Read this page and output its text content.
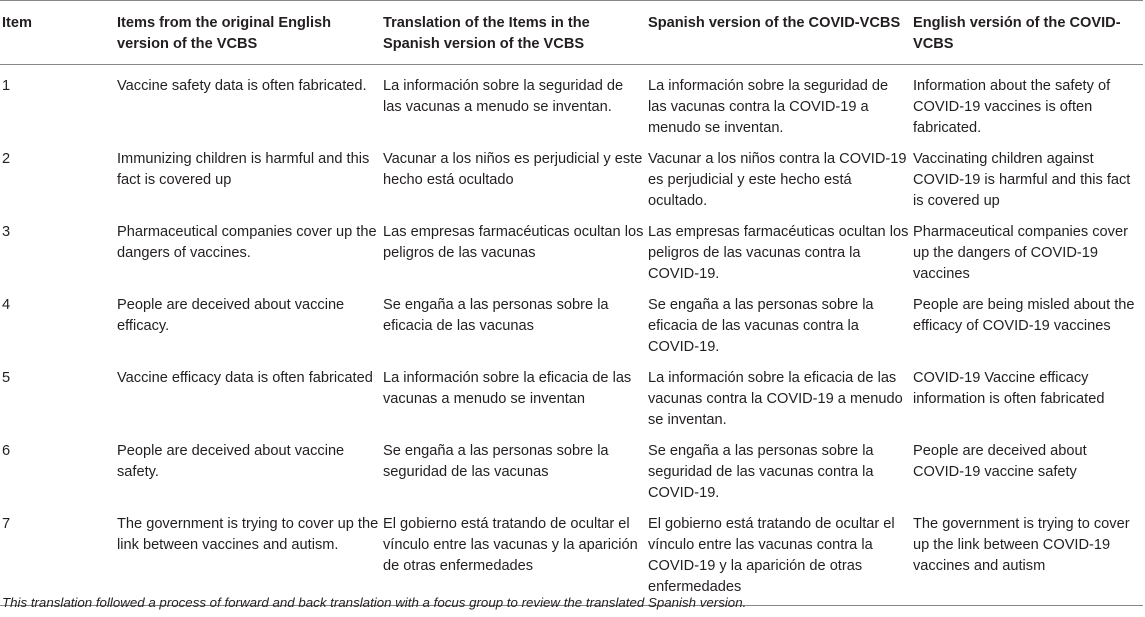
Item	Items from the original English version of the VCBS	Translation of the Items in the Spanish version of the VCBS	Spanish version of the COVID-VCBS	English versión of the COVID-VCBS
1	Vaccine safety data is often fabricated.	La información sobre la seguridad de las vacunas a menudo se inventan.	La información sobre la seguridad de las vacunas contra la COVID-19 a menudo se inventan.	Information about the safety of COVID-19 vaccines is often fabricated.
2	Immunizing children is harmful and this fact is covered up	Vacunar a los niños es perjudicial y este hecho está ocultado	Vacunar a los niños contra la COVID-19 es perjudicial y este hecho está ocultado.	Vaccinating children against COVID-19 is harmful and this fact is covered up
3	Pharmaceutical companies cover up the dangers of vaccines.	Las empresas farmacéuticas ocultan los peligros de las vacunas	Las empresas farmacéuticas ocultan los peligros de las vacunas contra la COVID-19.	Pharmaceutical companies cover up the dangers of COVID-19 vaccines
4	People are deceived about vaccine efficacy.	Se engaña a las personas sobre la eficacia de las vacunas	Se engaña a las personas sobre la eficacia de las vacunas contra la COVID-19.	People are being misled about the efficacy of COVID-19 vaccines
5	Vaccine efficacy data is often fabricated	La información sobre la eficacia de las vacunas a menudo se inventan	La información sobre la eficacia de las vacunas contra la COVID-19 a menudo se inventan.	COVID-19 Vaccine efficacy information is often fabricated
6	People are deceived about vaccine safety.	Se engaña a las personas sobre la seguridad de las vacunas	Se engaña a las personas sobre la seguridad de las vacunas contra la COVID-19.	People are deceived about COVID-19 vaccine safety
7	The government is trying to cover up the link between vaccines and autism.	El gobierno está tratando de ocultar el vínculo entre las vacunas y la aparición de otras enfermedades	El gobierno está tratando de ocultar el vínculo entre las vacunas contra la COVID-19 y la aparición de otras enfermedades	The government is trying to cover up the link between COVID-19 vaccines and autism
This translation followed a process of forward and back translation with a focus group to review the translated Spanish version.
